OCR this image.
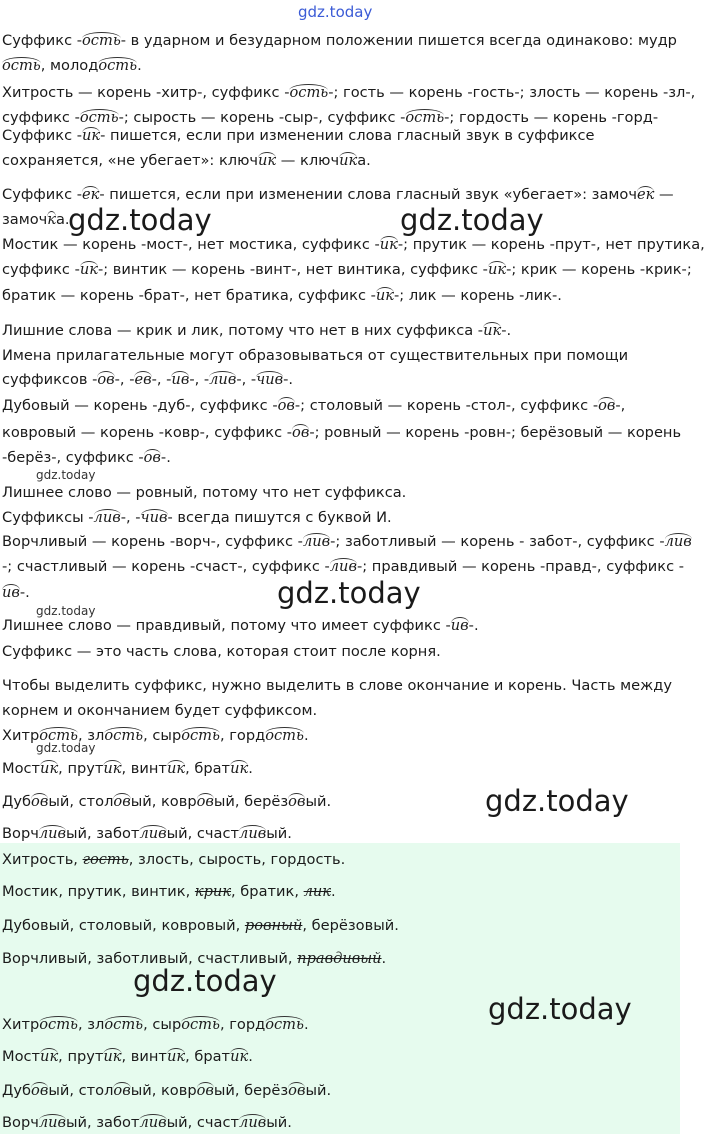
Суффикс -ость- в ударном и безударном положении пишется всегда одинаково: мудр
ость, молодость.
Хитрость — корень -хитр-, суффикс -ость-; гость — корень -гость-; злость — корень -зл-,
суффикс -ость-; сырость — корень -сыр-, суффикс -ость-; гордость — корень -горд-
Суффикс -ик- пишется, если при изменении слова гласный звук в суффиксе
сохраняется, «не убегает»: ключик — ключика.
Суффикс -ек- пишется, если при изменении слова гласный звук «убегает»: замочек —
замочка.
Мостик — корень -мост-, нет мостика, суффикс -ик-; прутик — корень -прут-, нет прутика,
суффикс -ик-; винтик — корень -винт-, нет винтика, суффикс -ик-; крик — корень -крик-;
братик — корень -брат-, нет братика, суффикс -ик-; лик — корень -лик-.
Лишние слова — крик и лик, потому что нет в них суффикса -ик-.
Имена прилагательные могут образовываться от существительных при помощи
суффиксов -ов-, -ев-, -ив-, -лив-, -чив-.
Дубовый — корень -дуб-, суффикс -ов-; столовый — корень -стол-, суффикс -ов-,
ковровый — корень -ковр-, суффикс -ов-; ровный — корень -ровн-; берёзовый — корень
-берёз-, суффикс -ов-.
Лишнее слово — ровный, потому что нет суффикса.
Суффиксы -лив-, -чив- всегда пишутся с буквой И.
Ворчливый — корень -ворч-, суффикс -лив-; заботливый — корень - забот-, суффикс -лив
-; счастливый — корень -счаст-, суффикс -лив-; правдивый — корень -правд-, суффикс -
ив-.
Лишнее слово — правдивый, потому что имеет суффикс -ив-.
Суффикс — это часть слова, которая стоит после корня.
Чтобы выделить суффикс, нужно выделить в слове окончание и корень. Часть между
корнем и окончанием будет суффиксом.
Хитрость, злость, сырость, гордость.
Мостик, прутик, винтик, братик.
Дубовый, столовый, ковровый, берёзовый.
Ворчливый, заботливый, счастливый.
Хитрость, гость, злость, сырость, гордость.
Мостик, прутик, винтик, крик, братик, лик.
Дубовый, столовый, ковровый, ровный, берёзовый.
Ворчливый, заботливый, счастливый, правдивый.
Хитрость, злость, сырость, гордость.
Мостик, прутик, винтик, братик.
Дубовый, столовый, ковровый, берёзовый.
Ворчливый, заботливый, счастливый.
gdz.today
gdz.today	gdz.today
gdz.today
gdz.today
gdz.today
gdz.today
gdz.today
gdz.today
gdz.today
